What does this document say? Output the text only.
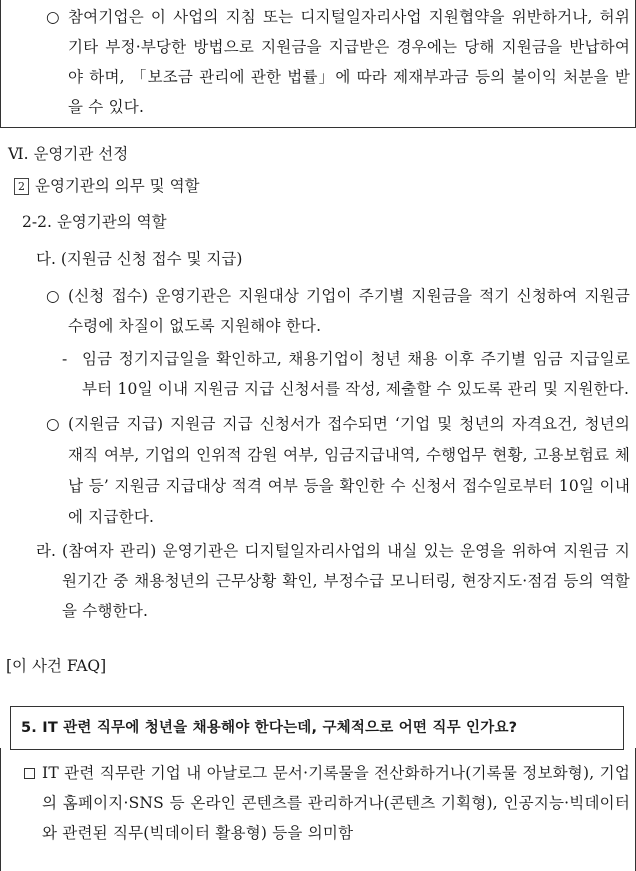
○ 참여기업은 이 사업의 지침 또는 디지털일자리사업 지원협약을 위반하거나, 허위 기타 부정·부당한 방법으로 지원금을 지급받은 경우에는 당해 지원금을 반납하여야 하며, 「보조금 관리에 관한 법률」에 따라 제재부과금 등의 불이익 처분을 받을 수 있다.
Ⅵ. 운영기관 선정
2 운영기관의 의무 및 역할
2-2. 운영기관의 역할
다. (지원금 신청 접수 및 지급)
○ (신청 접수) 운영기관은 지원대상 기업이 주기별 지원금을 적기 신청하여 지원금 수령에 차질이 없도록 지원해야 한다.
- 임금 정기지급일을 확인하고, 채용기업이 청년 채용 이후 주기별 임금 지급일로부터 10일 이내 지원금 지급 신청서를 작성, 제출할 수 있도록 관리 및 지원한다.
○ (지원금 지급) 지원금 지급 신청서가 접수되면 ‘기업 및 청년의 자격요건, 청년의 재직 여부, 기업의 인위적 감원 여부, 임금지급내역, 수행업무 현황, 고용보험료 체납 등’ 지원금 지급대상 적격 여부 등을 확인한 수 신청서 접수일로부터 10일 이내에 지급한다.
라. (참여자 관리) 운영기관은 디지털일자리사업의 내실 있는 운영을 위하여 지원금 지원기간 중 채용청년의 근무상황 확인, 부정수급 모니터링, 현장지도·점검 등의 역할을 수행한다.
[이 사건 FAQ]
5. IT 관련 직무에 청년을 채용해야 한다는데, 구체적으로 어떤 직무 인가요?
IT 관련 직무란 기업 내 아날로그 문서·기록물을 전산화하거나(기록물 정보화형), 기업의 홈페이지·SNS 등 온라인 콘텐츠를 관리하거나(콘텐츠 기획형), 인공지능·빅데이터와 관련된 직무(빅데이터 활용형) 등을 의미함
